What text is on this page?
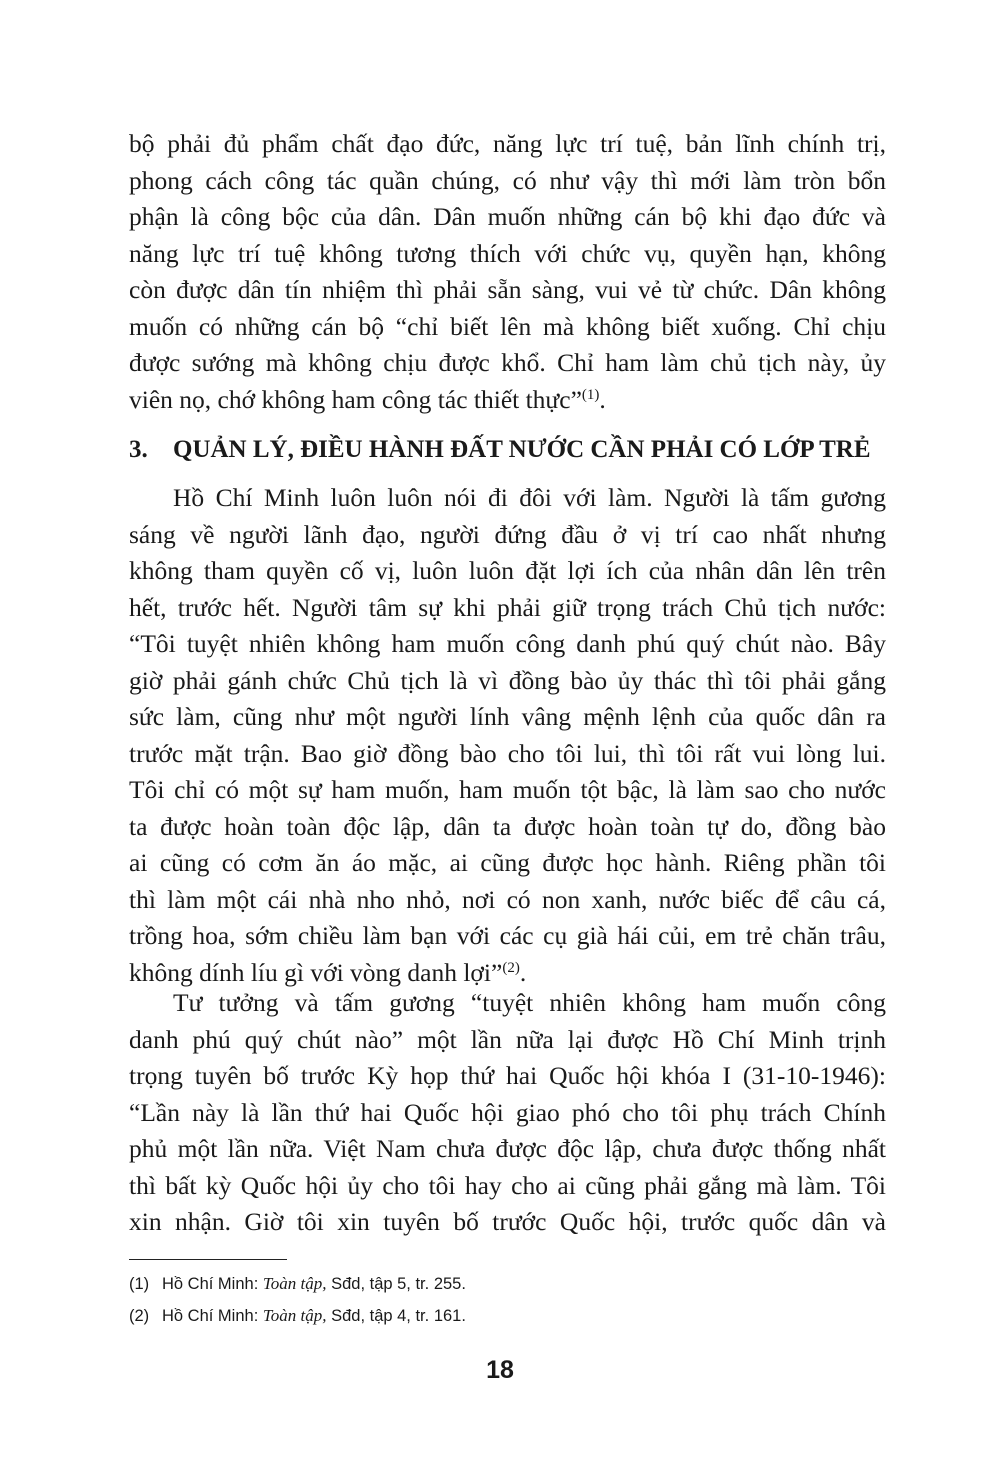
bộ phải đủ phẩm chất đạo đức, năng lực trí tuệ, bản lĩnh chính trị,
phong cách công tác quần chúng, có như vậy thì mới làm tròn bổn
phận là công bộc của dân. Dân muốn những cán bộ khi đạo đức và
năng lực trí tuệ không tương thích với chức vụ, quyền hạn, không
còn được dân tín nhiệm thì phải sẵn sàng, vui vẻ từ chức. Dân không
muốn có những cán bộ “chỉ biết lên mà không biết xuống. Chỉ chịu
được sướng mà không chịu được khổ. Chỉ ham làm chủ tịch này, ủy
viên nọ, chớ không ham công tác thiết thực”$^{(1)}$.
3. QUẢN LÝ, ĐIỀU HÀNH ĐẤT NƯỚC CẦN PHẢI CÓ LỚP TRẺ
Hồ Chí Minh luôn luôn nói đi đôi với làm. Người là tấm gương
sáng về người lãnh đạo, người đứng đầu ở vị trí cao nhất nhưng
không tham quyền cố vị, luôn luôn đặt lợi ích của nhân dân lên trên
hết, trước hết. Người tâm sự khi phải giữ trọng trách Chủ tịch nước:
“Tôi tuyệt nhiên không ham muốn công danh phú quý chút nào. Bây
giờ phải gánh chức Chủ tịch là vì đồng bào ủy thác thì tôi phải gắng
sức làm, cũng như một người lính vâng mệnh lệnh của quốc dân ra
trước mặt trận. Bao giờ đồng bào cho tôi lui, thì tôi rất vui lòng lui.
Tôi chỉ có một sự ham muốn, ham muốn tột bậc, là làm sao cho nước
ta được hoàn toàn độc lập, dân ta được hoàn toàn tự do, đồng bào
ai cũng có cơm ăn áo mặc, ai cũng được học hành. Riêng phần tôi
thì làm một cái nhà nho nhỏ, nơi có non xanh, nước biếc để câu cá,
trồng hoa, sớm chiều làm bạn với các cụ già hái củi, em trẻ chăn trâu,
không dính líu gì với vòng danh lợi”$^{(2)}$.
Tư tưởng và tấm gương “tuyệt nhiên không ham muốn công
danh phú quý chút nào” một lần nữa lại được Hồ Chí Minh trịnh
trọng tuyên bố trước Kỳ họp thứ hai Quốc hội khóa I (31-10-1946):
“Lần này là lần thứ hai Quốc hội giao phó cho tôi phụ trách Chính
phủ một lần nữa. Việt Nam chưa được độc lập, chưa được thống nhất
thì bất kỳ Quốc hội ủy cho tôi hay cho ai cũng phải gắng mà làm. Tôi
xin nhận. Giờ tôi xin tuyên bố trước Quốc hội, trước quốc dân và
(1) Hồ Chí Minh: Toàn tập, Sđd, tập 5, tr. 255.
(2) Hồ Chí Minh: Toàn tập, Sđd, tập 4, tr. 161.
18
